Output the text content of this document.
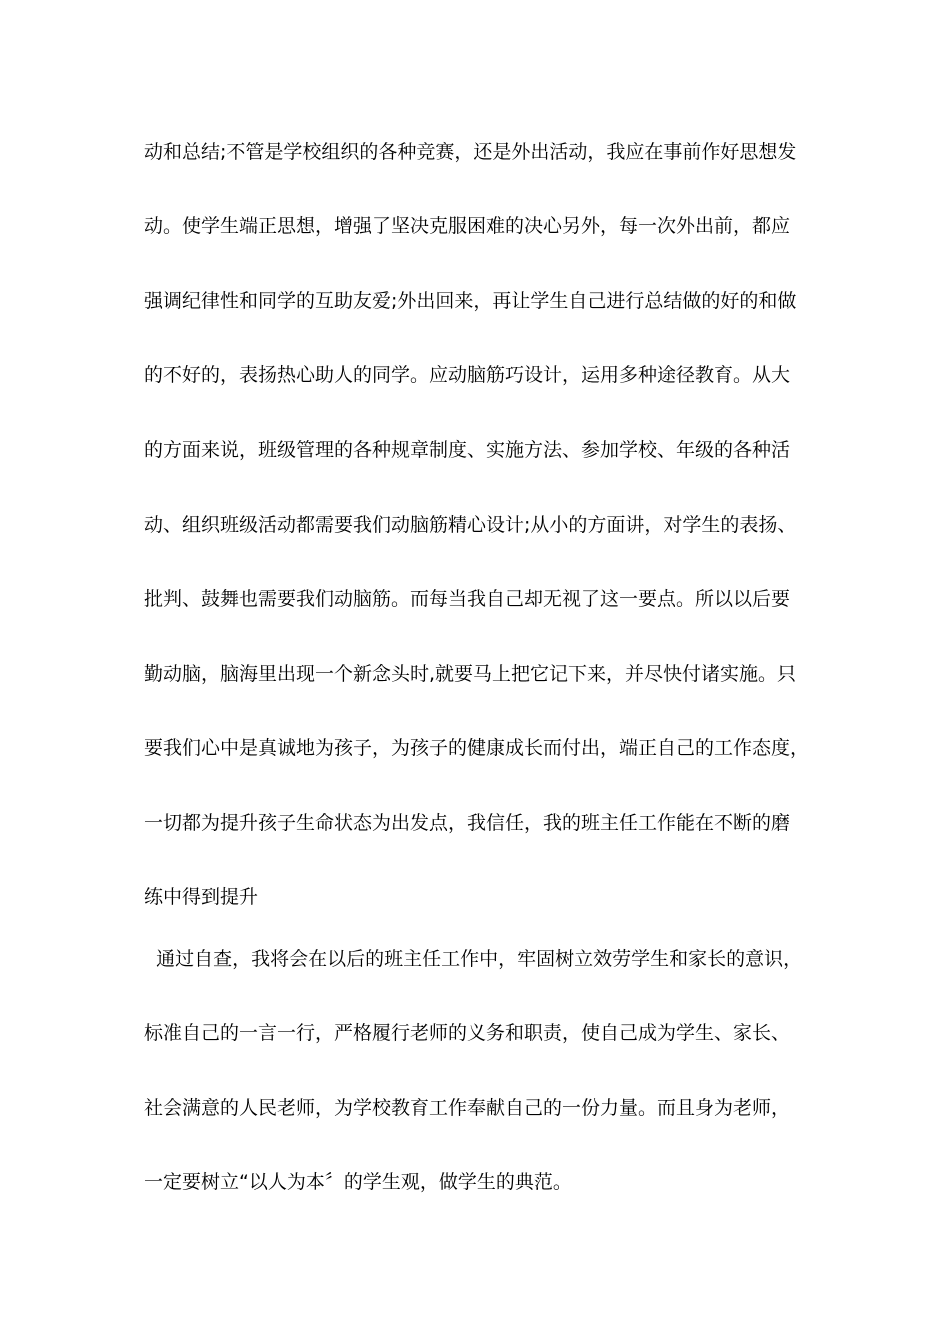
动和总结;不管是学校组织的各种竞赛，还是外出活动，我应在事前作好思想发
动。使学生端正思想，增强了坚决克服困难的决心另外，每一次外出前，都应
强调纪律性和同学的互助友爱;外出回来，再让学生自己进行总结做的好的和做
的不好的，表扬热心助人的同学。应动脑筋巧设计，运用多种途径教育。从大
的方面来说，班级管理的各种规章制度、实施方法、参加学校、年级的各种活
动、组织班级活动都需要我们动脑筋精心设计;从小的方面讲，对学生的表扬、
批判、鼓舞也需要我们动脑筋。而每当我自己却无视了这一要点。所以以后要
勤动脑，脑海里出现一个新念头时,就要马上把它记下来，并尽快付诸实施。只
要我们心中是真诚地为孩子，为孩子的健康成长而付出，端正自己的工作态度，
一切都为提升孩子生命状态为出发点，我信任，我的班主任工作能在不断的磨
练中得到提升
通过自查，我将会在以后的班主任工作中，牢固树立效劳学生和家长的意识，
标准自己的一言一行，严格履行老师的义务和职责，使自己成为学生、家长、
社会满意的人民老师，为学校教育工作奉献自己的一份力量。而且身为老师，
一定要树立“以人为本〞的学生观，做学生的典范。
